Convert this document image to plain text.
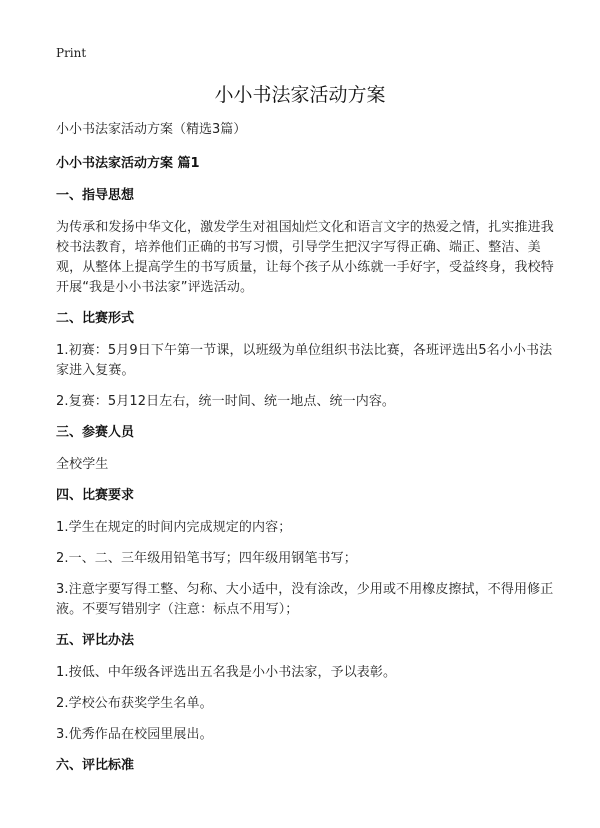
Print
小小书法家活动方案

小小书法家活动方案（精选3篇）

小小书法家活动方案 篇1

一、指导思想

为传承和发扬中华文化，激发学生对祖国灿烂文化和语言文字的热爱之情，扎实推进我校书法教育，培养他们正确的书写习惯，引导学生把汉字写得正确、端正、整洁、美观，从整体上提高学生的书写质量，让每个孩子从小练就一手好字，受益终身，我校特开展“我是小小书法家”评选活动。

二、比赛形式

1.初赛：5月9日下午第一节课，以班级为单位组织书法比赛，各班评选出5名小小书法家进入复赛。

2.复赛：5月12日左右，统一时间、统一地点、统一内容。

三、参赛人员

全校学生

四、比赛要求

1.学生在规定的时间内完成规定的内容；

2.一、二、三年级用铅笔书写；四年级用钢笔书写；

3.注意字要写得工整、匀称、大小适中，没有涂改，少用或不用橡皮擦拭，不得用修正液。不要写错别字（注意：标点不用写）；

五、评比办法

1.按低、中年级各评选出五名我是小小书法家，予以表彰。

2.学校公布获奖学生名单。

3.优秀作品在校园里展出。

六、评比标准
